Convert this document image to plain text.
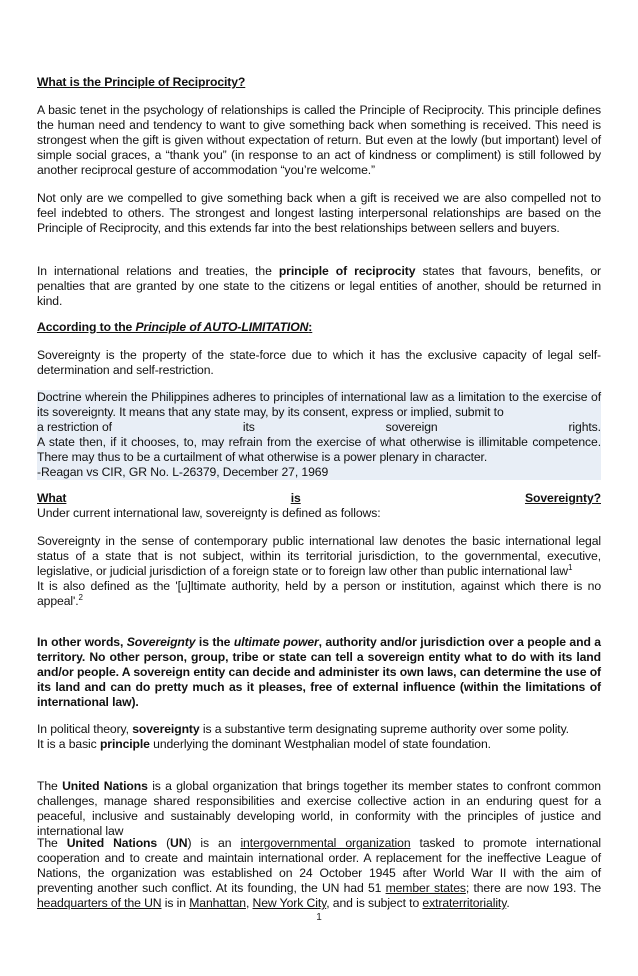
What is the Principle of Reciprocity?

A basic tenet in the psychology of relationships is called the Principle of Reciprocity. This principle defines the human need and tendency to want to give something back when something is received. This need is strongest when the gift is given without expectation of return. But even at the lowly (but important) level of simple social graces, a “thank you” (in response to an act of kindness or compliment) is still followed by another reciprocal gesture of accommodation “you’re welcome.”

Not only are we compelled to give something back when a gift is received we are also compelled not to feel indebted to others. The strongest and longest lasting interpersonal relationships are based on the Principle of Reciprocity, and this extends far into the best relationships between sellers and buyers.

In international relations and treaties, the principle of reciprocity states that favours, benefits, or penalties that are granted by one state to the citizens or legal entities of another, should be returned in kind.

According to the Principle of AUTO-LIMITATION:

Sovereignty is the property of the state-force due to which it has the exclusive capacity of legal self-determination and self-restriction.

Doctrine wherein the Philippines adheres to principles of international law as a limitation to the exercise of its sovereignty. It means that any state may, by its consent, express or implied, submit to

a restriction of	its	sovereign	rights.

A state then, if it chooses, to, may refrain from the exercise of what otherwise is illimitable competence. There may thus to be a curtailment of what otherwise is a power plenary in character.

-Reagan vs CIR, GR No. L-26379, December 27, 1969
What	is	Sovereignty?
Under current international law, sovereignty is defined as follows:

Sovereignty in the sense of contemporary public international law denotes the basic international legal status of a state that is not subject, within its territorial jurisdiction, to the governmental, executive, legislative, or judicial jurisdiction of a foreign state or to foreign law other than public international law$^1$
It is also defined as the '[u]ltimate authority, held by a person or institution, against which there is no appeal'.$^2$

In other words, Sovereignty is the ultimate power, authority and/or jurisdiction over a people and a territory. No other person, group, tribe or state can tell a sovereign entity what to do with its land and/or people. A sovereign entity can decide and administer its own laws, can determine the use of its land and can do pretty much as it pleases, free of external influence (within the limitations of international law).

In political theory, sovereignty is a substantive term designating supreme authority over some polity.
It is a basic principle underlying the dominant Westphalian model of state foundation.

The United Nations is a global organization that brings together its member states to confront common challenges, manage shared responsibilities and exercise collective action in an enduring quest for a peaceful, inclusive and sustainably developing world, in conformity with the principles of justice and international law

The United Nations (UN) is an intergovernmental organization tasked to promote international cooperation and to create and maintain international order. A replacement for the ineffective League of Nations, the organization was established on 24 October 1945 after World War II with the aim of preventing another such conflict. At its founding, the UN had 51 member states; there are now 193. The headquarters of the UN is in Manhattan, New York City, and is subject to extraterritoriality.

1
